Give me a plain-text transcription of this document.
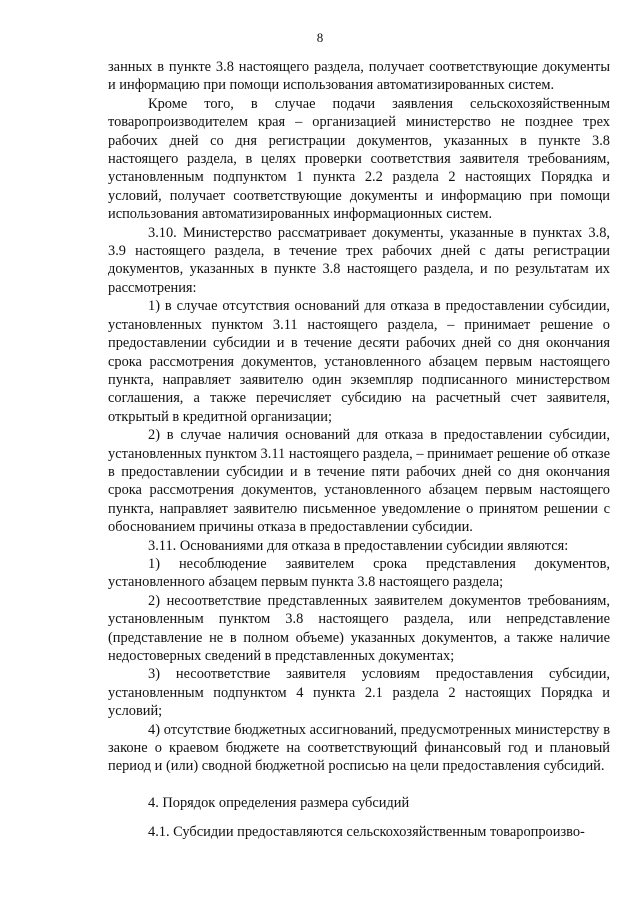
8

занных в пункте 3.8 настоящего раздела, получает соответствующие документы и информацию при помощи использования автоматизированных систем.

Кроме того, в случае подачи заявления сельскохозяйственным товаропроизводителем края – организацией министерство не позднее трех рабочих дней со дня регистрации документов, указанных в пункте 3.8 настоящего раздела, в целях проверки соответствия заявителя требованиям, установленным подпунктом 1 пункта 2.2 раздела 2 настоящих Порядка и условий, получает соответствующие документы и информацию при помощи использования автоматизированных информационных систем.

3.10. Министерство рассматривает документы, указанные в пунктах 3.8, 3.9 настоящего раздела, в течение трех рабочих дней с даты регистрации документов, указанных в пункте 3.8 настоящего раздела, и по результатам их рассмотрения:

1) в случае отсутствия оснований для отказа в предоставлении субсидии, установленных пунктом 3.11 настоящего раздела, – принимает решение о предоставлении субсидии и в течение десяти рабочих дней со дня окончания срока рассмотрения документов, установленного абзацем первым настоящего пункта, направляет заявителю один экземпляр подписанного министерством соглашения, а также перечисляет субсидию на расчетный счет заявителя, открытый в кредитной организации;

2) в случае наличия оснований для отказа в предоставлении субсидии, установленных пунктом 3.11 настоящего раздела, – принимает решение об отказе в предоставлении субсидии и в течение пяти рабочих дней со дня окончания срока рассмотрения документов, установленного абзацем первым настоящего пункта, направляет заявителю письменное уведомление о принятом решении с обоснованием причины отказа в предоставлении субсидии.

3.11. Основаниями для отказа в предоставлении субсидии являются:

1) несоблюдение заявителем срока представления документов, установленного абзацем первым пункта 3.8 настоящего раздела;

2) несоответствие представленных заявителем документов требованиям, установленным пунктом 3.8 настоящего раздела, или непредставление (представление не в полном объеме) указанных документов, а также наличие недостоверных сведений в представленных документах;

3) несоответствие заявителя условиям предоставления субсидии, установленным подпунктом 4 пункта 2.1 раздела 2 настоящих Порядка и условий;

4) отсутствие бюджетных ассигнований, предусмотренных министерству в законе о краевом бюджете на соответствующий финансовый год и плановый период и (или) сводной бюджетной росписью на цели предоставления субсидий.

4. Порядок определения размера субсидий

4.1. Субсидии предоставляются сельскохозяйственным товаропроизво-
